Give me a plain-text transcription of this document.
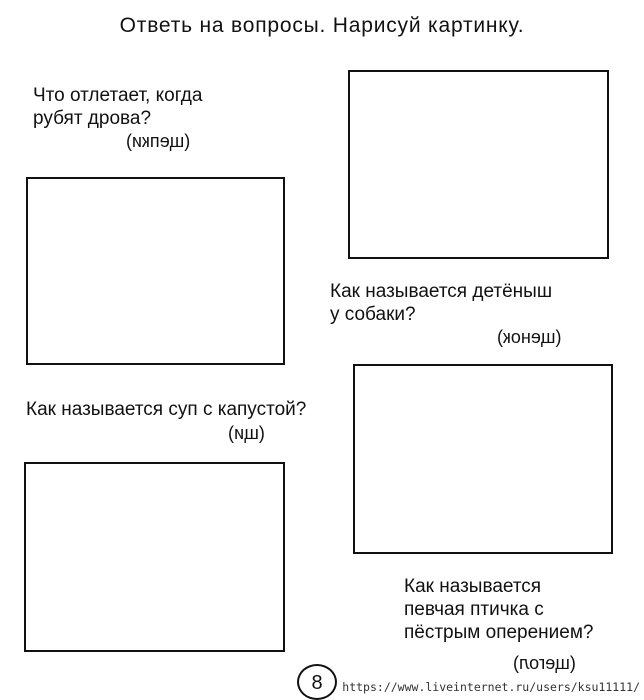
Ответь на вопросы. Нарисуй картинку.
Что отлетает, когда
рубят дрова?
(щепки)
Как называется детёныш
у собаки?
(щенок)
Как называется суп с капустой?
(щи)
Как называется
певчая птичка с
пёстрым оперением?
(щегол)
8	https://www.liveinternet.ru/users/ksu11111/
